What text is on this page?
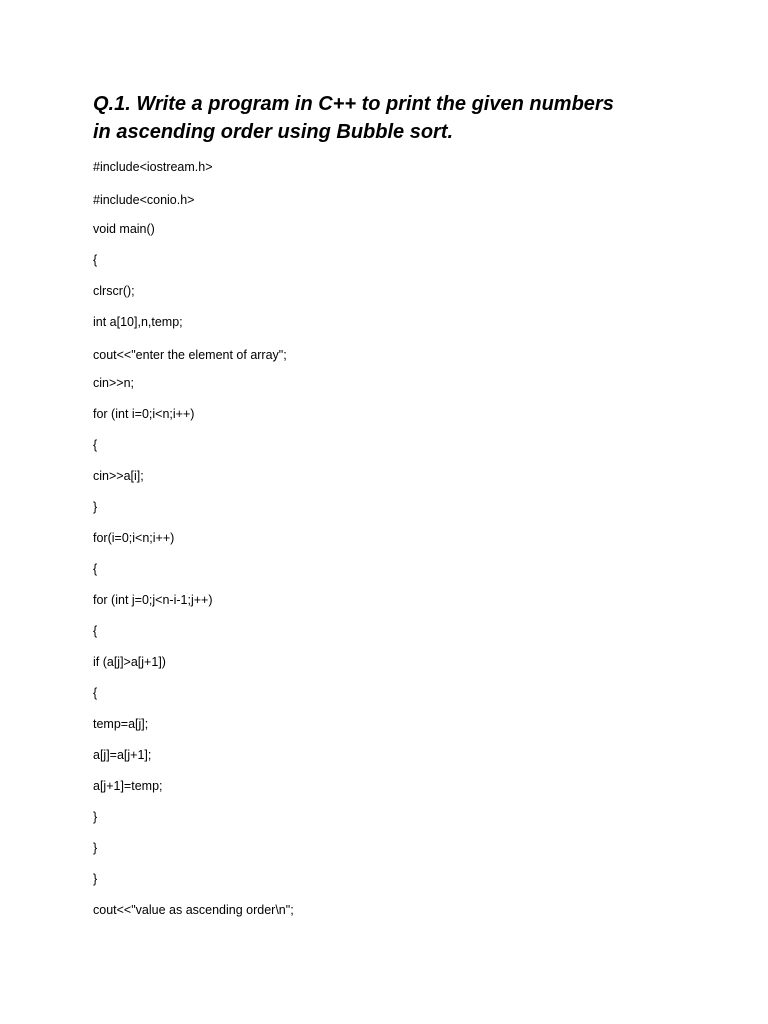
Q.1. Write a program in C++ to print the given numbers
in ascending order using Bubble sort.

#include<iostream.h>

#include<conio.h>

void main()

{

clrscr();

int a[10],n,temp;

cout<<"enter the element of array";

cin>>n;

for (int i=0;i<n;i++)

{

cin>>a[i];

}

for(i=0;i<n;i++)

{

for (int j=0;j<n-i-1;j++)

{

if (a[j]>a[j+1])

{

temp=a[j];

a[j]=a[j+1];

a[j+1]=temp;

}

}

}

cout<<"value as ascending order\n";
